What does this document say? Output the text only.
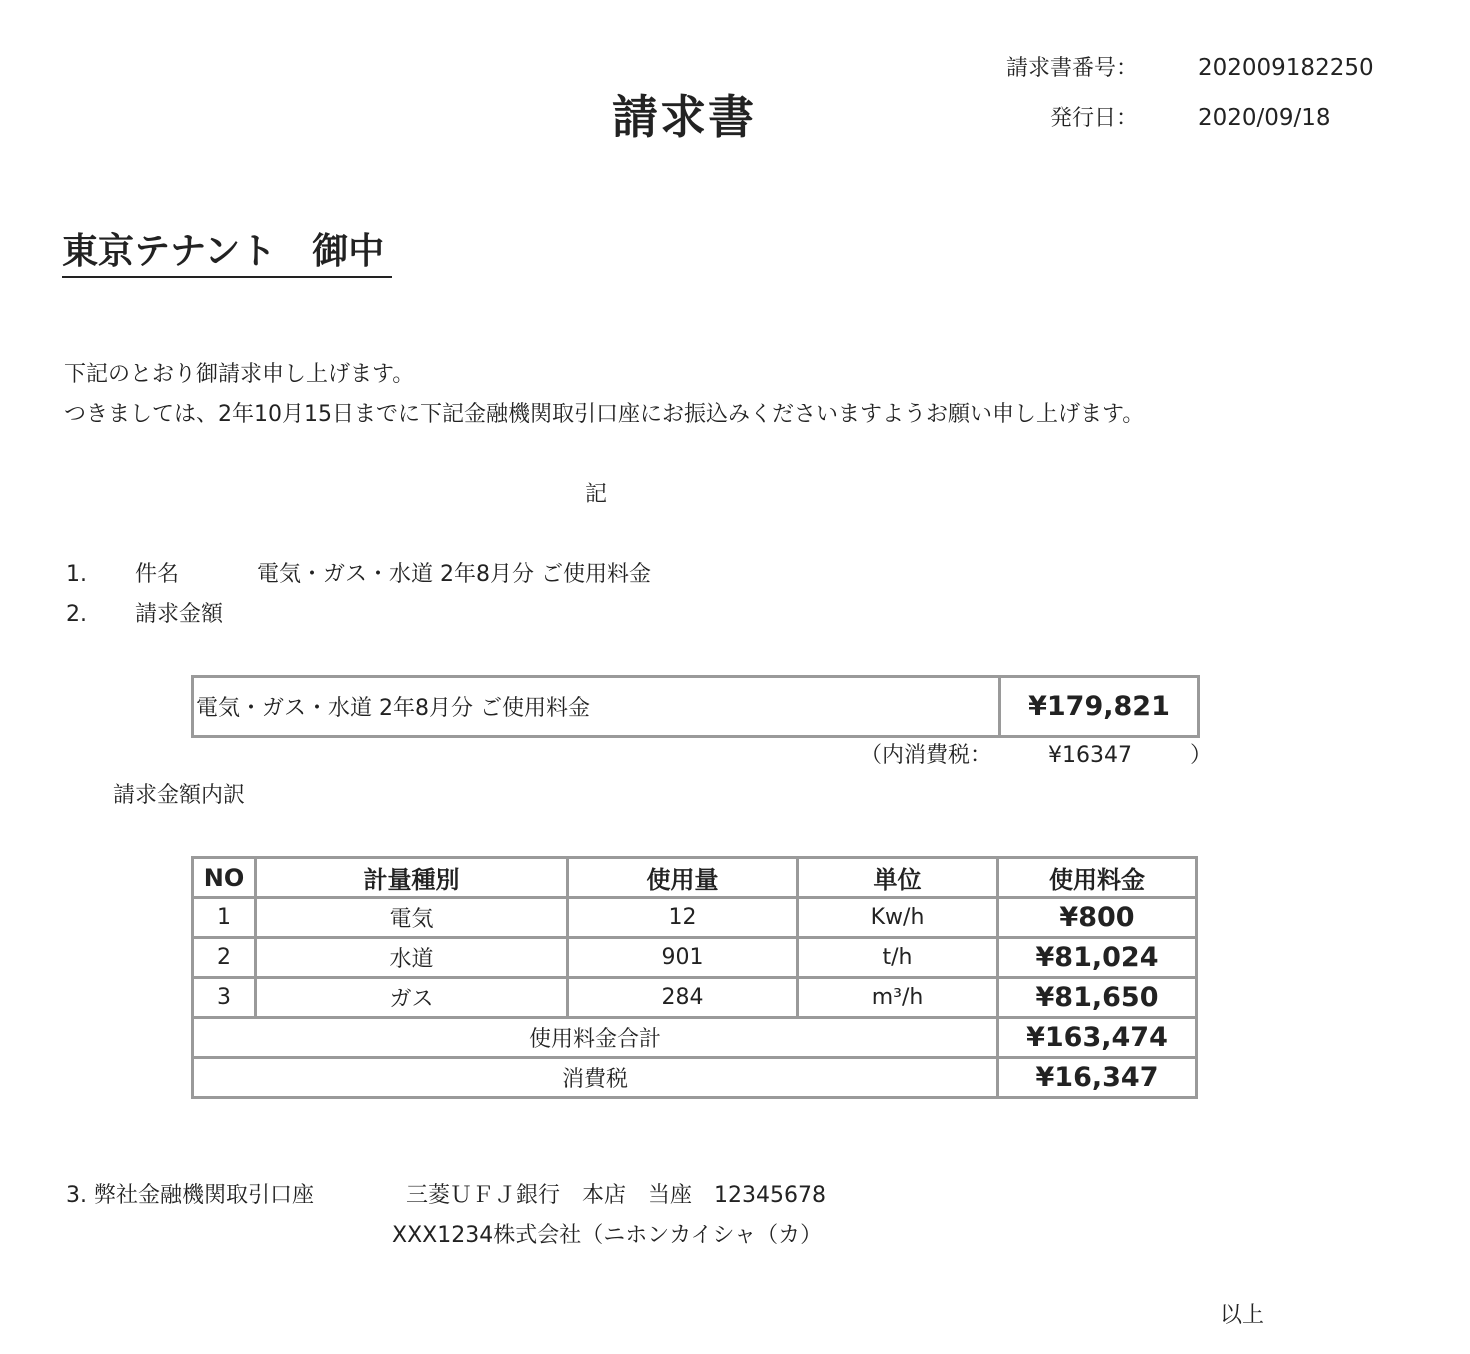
請求書番号：	202009182250
発行日：	2020/09/18
請求書
東京テナント　御中
下記のとおり御請求申し上げます。
つきましては、2年10月15日までに下記金融機関取引口座にお振込みくださいますようお願い申し上げます。
記
1. 件名	電気・ガス・水道 2年8月分 ご使用料金
2. 請求金額
電気・ガス・水道 2年8月分 ご使用料金	¥179,821
（内消費税：	¥16347	）
請求金額内訳
NO	計量種別	使用量	単位	使用料金
1	電気	12	Kw/h	¥800
2	水道	901	t/h	¥81,024
3	ガス	284	m³/h	¥81,650
使用料金合計				¥163,474
消費税				¥16,347
3. 弊社金融機関取引口座	三菱ＵＦＪ銀行　本店　当座　12345678
XXX1234株式会社（ニホンカイシャ（カ）
以上
